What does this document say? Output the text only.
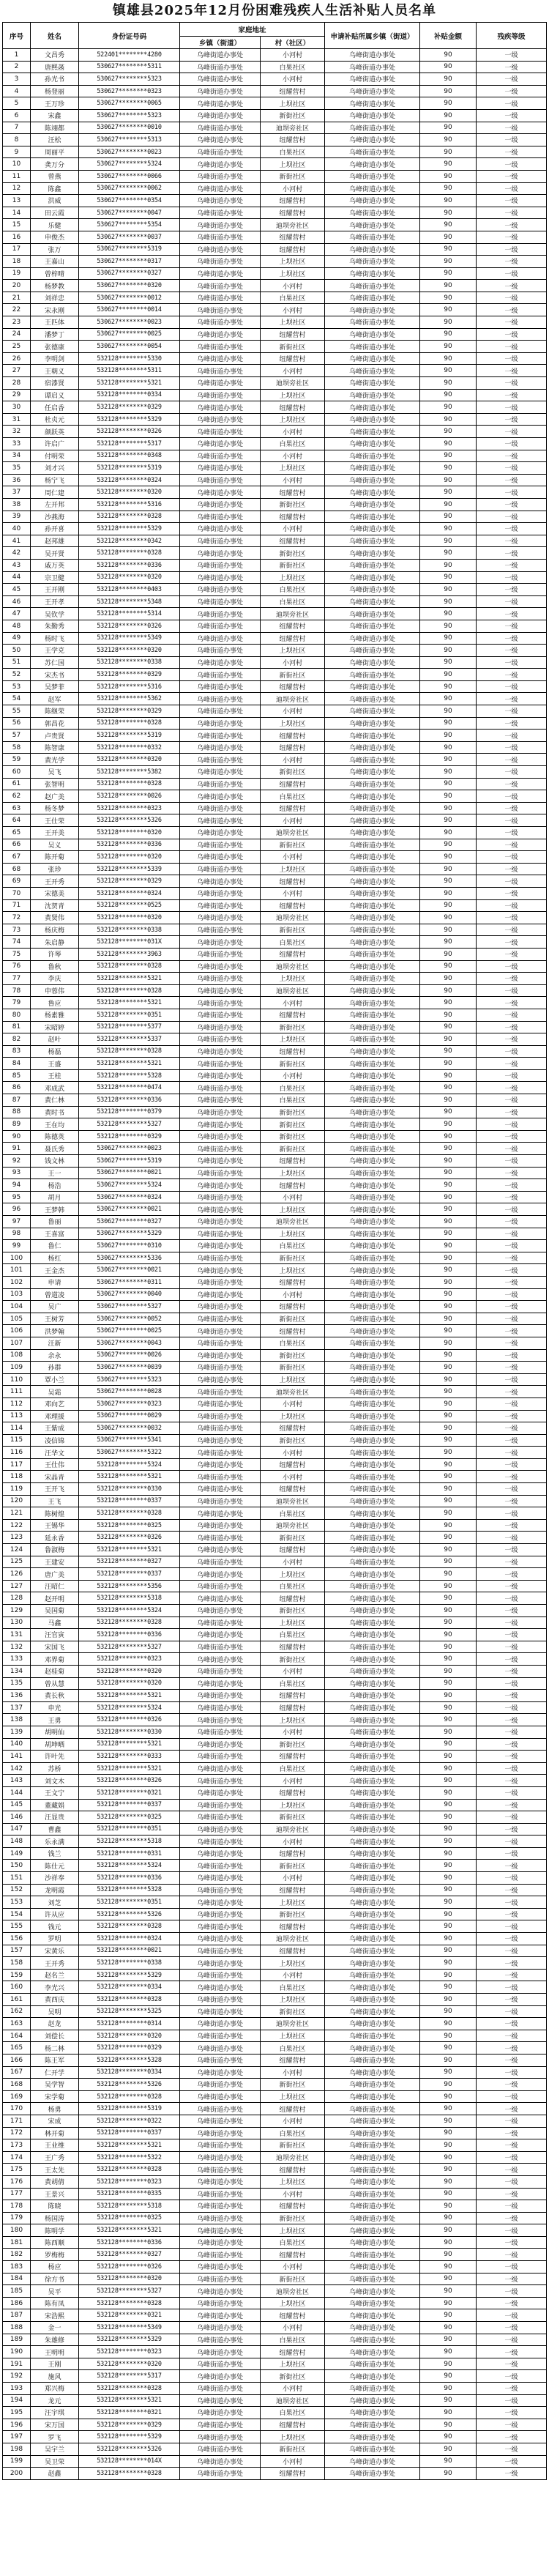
镇雄县2025年12月份困难残疾人生活补贴人员名单
序号	姓名	身份证号码	家庭地址		申请补贴所属乡镇（街道）	补贴金额	残疾等级
			乡镇（街道）	村（社区）			
1	文昌秀	522401********4280	乌峰街道办事处	小河村	乌峰街道办事处	90	一级
2	唐熙菡	530627********5311	乌峰街道办事处	白果社区	乌峰街道办事处	90	一级
3	孙光书	530627********5323	乌峰街道办事处	小河村	乌峰街道办事处	90	一级
4	杨登丽	530627********0323	乌峰街道办事处	纽耀营村	乌峰街道办事处	90	一级
5	王万珍	530627********0065	乌峰街道办事处	上坝社区	乌峰街道办事处	90	一级
6	宋鑫	530627********5323	乌峰街道办事处	新街社区	乌峰街道办事处	90	一级
7	陈翊都	530627********0010	乌峰街道办事处	迪坝旁社区	乌峰街道办事处	90	一级
8	汪松	530627********5313	乌峰街道办事处	纽耀营村	乌峰街道办事处	90	一级
9	周丽平	530627********0023	乌峰街道办事处	白果社区	乌峰街道办事处	90	一级
10	龚万分	530627********5324	乌峰街道办事处	上坝社区	乌峰街道办事处	90	一级
11	曾燕	530627********0066	乌峰街道办事处	新街社区	乌峰街道办事处	90	一级
12	陈鑫	530627********0062	乌峰街道办事处	小河村	乌峰街道办事处	90	一级
13	洪威	530627********0354	乌峰街道办事处	纽耀营村	乌峰街道办事处	90	一级
14	田云霞	530627********0047	乌峰街道办事处	纽耀营村	乌峰街道办事处	90	一级
15	乐健	530627********5354	乌峰街道办事处	迪坝旁社区	乌峰街道办事处	90	一级
16	申俊杰	530627********0037	乌峰街道办事处	纽耀营村	乌峰街道办事处	90	一级
17	张万	530627********5319	乌峰街道办事处	纽耀营村	乌峰街道办事处	90	一级
18	王嘉山	530627********0317	乌峰街道办事处	上坝社区	乌峰街道办事处	90	一级
19	曾梓晴	530627********0327	乌峰街道办事处	上坝社区	乌峰街道办事处	90	一级
20	杨梦教	530627********0320	乌峰街道办事处	小河村	乌峰街道办事处	90	一级
21	刘祥忠	530627********0012	乌峰街道办事处	白果社区	乌峰街道办事处	90	一级
22	宋永刚	530627********0014	乌峰街道办事处	小河村	乌峰街道办事处	90	一级
23	王匹体	530627********0023	乌峰街道办事处	上坝社区	乌峰街道办事处	90	一级
24	潘梦丁	530627********0025	乌峰街道办事处	纽耀营村	乌峰街道办事处	90	一级
25	张德康	530627********0054	乌峰街道办事处	新街社区	乌峰街道办事处	90	一级
26	李明剑	532128********5330	乌峰街道办事处	纽耀营村	乌峰街道办事处	90	一级
27	王朝义	532128********5311	乌峰街道办事处	小河村	乌峰街道办事处	90	一级
28	宿漆贤	532128********5321	乌峰街道办事处	迪坝旁社区	乌峰街道办事处	90	一级
29	谭启义	532128********0334	乌峰街道办事处	上坝社区	乌峰街道办事处	90	一级
30	任启香	532128********0329	乌峰街道办事处	纽耀营村	乌峰街道办事处	90	一级
31	杜贞元	532128********5329	乌峰街道办事处	上坝社区	乌峰街道办事处	90	一级
32	颜跃英	532128********0326	乌峰街道办事处	小河村	乌峰街道办事处	90	一级
33	许启广	532128********5317	乌峰街道办事处	白果社区	乌峰街道办事处	90	一级
34	付明荣	532128********0348	乌峰街道办事处	小河村	乌峰街道办事处	90	一级
35	刘才兴	532128********5319	乌峰街道办事处	上坝社区	乌峰街道办事处	90	一级
36	杨宁飞	532128********0324	乌峰街道办事处	小河村	乌峰街道办事处	90	一级
37	周仁建	532128********0320	乌峰街道办事处	纽耀营村	乌峰街道办事处	90	一级
38	左开邦	532128********5316	乌峰街道办事处	新街社区	乌峰街道办事处	90	一级
39	沙燕海	532128********0328	乌峰街道办事处	纽耀营村	乌峰街道办事处	90	一级
40	孙开喜	532128********5329	乌峰街道办事处	小河村	乌峰街道办事处	90	一级
41	赵邦雄	532128********0342	乌峰街道办事处	纽耀营村	乌峰街道办事处	90	一级
42	吴开贤	532128********0328	乌峰街道办事处	新街社区	乌峰街道办事处	90	一级
43	戚万英	532128********0336	乌峰街道办事处	新街社区	乌峰街道办事处	90	一级
44	宗卫健	532128********0320	乌峰街道办事处	上坝社区	乌峰街道办事处	90	一级
45	王开刚	532128********0403	乌峰街道办事处	白果社区	乌峰街道办事处	90	一级
46	王开孝	532128********5348	乌峰街道办事处	白果社区	乌峰街道办事处	90	一级
47	吴钦学	532128********5314	乌峰街道办事处	迪坝旁社区	乌峰街道办事处	90	一级
48	朱勤秀	532128********0326	乌峰街道办事处	纽耀营村	乌峰街道办事处	90	一级
49	杨时飞	532128********5349	乌峰街道办事处	纽耀营村	乌峰街道办事处	90	一级
50	王学克	532128********0320	乌峰街道办事处	上坝社区	乌峰街道办事处	90	一级
51	苏仁国	532128********0338	乌峰街道办事处	小河村	乌峰街道办事处	90	一级
52	宋杰书	532128********0329	乌峰街道办事处	新街社区	乌峰街道办事处	90	一级
53	吴梦菲	532128********5316	乌峰街道办事处	纽耀营村	乌峰街道办事处	90	一级
54	赵军	532128********5362	乌峰街道办事处	迪坝旁社区	乌峰街道办事处	90	一级
55	陈继荣	532128********0329	乌峰街道办事处	小河村	乌峰街道办事处	90	一级
56	郭昌花	532128********0328	乌峰街道办事处	上坝社区	乌峰街道办事处	90	一级
57	卢贵贤	532128********5319	乌峰街道办事处	纽耀营村	乌峰街道办事处	90	一级
58	陈智康	532128********0332	乌峰街道办事处	纽耀营村	乌峰街道办事处	90	一级
59	黄光学	532128********0320	乌峰街道办事处	小河村	乌峰街道办事处	90	一级
60	吴飞	532128********5382	乌峰街道办事处	新街社区	乌峰街道办事处	90	一级
61	张智明	532128********0328	乌峰街道办事处	纽耀营村	乌峰街道办事处	90	一级
62	赵广美	532128********0026	乌峰街道办事处	白果社区	乌峰街道办事处	90	一级
63	杨冬梦	532128********0323	乌峰街道办事处	纽耀营村	乌峰街道办事处	90	一级
64	王仕荣	532128********5326	乌峰街道办事处	小河村	乌峰街道办事处	90	一级
65	王开美	532128********0320	乌峰街道办事处	迪坝旁社区	乌峰街道办事处	90	一级
66	吴义	532128********0336	乌峰街道办事处	新街社区	乌峰街道办事处	90	一级
67	陈开菊	532128********0320	乌峰街道办事处	小河村	乌峰街道办事处	90	一级
68	张珍	532128********5339	乌峰街道办事处	上坝社区	乌峰街道办事处	90	一级
69	王开秀	532128********0329	乌峰街道办事处	纽耀营村	乌峰街道办事处	90	一级
70	宋德美	532128********0324	乌峰街道办事处	小河村	乌峰街道办事处	90	一级
71	沈贺青	532128********0525	乌峰街道办事处	纽耀营村	乌峰街道办事处	90	一级
72	黄贤伟	532128********0320	乌峰街道办事处	迪坝旁社区	乌峰街道办事处	90	一级
73	杨庆梅	532128********0338	乌峰街道办事处	新街社区	乌峰街道办事处	90	一级
74	朱启静	532128********031X	乌峰街道办事处	白果社区	乌峰街道办事处	90	一级
75	许琴	532128********3963	乌峰街道办事处	纽耀营村	乌峰街道办事处	90	一级
76	鲁秋	532128********0328	乌峰街道办事处	迪坝旁社区	乌峰街道办事处	90	一级
77	李庆	532128********5321	乌峰街道办事处	上坝社区	乌峰街道办事处	90	一级
78	申蓉伟	532128********0328	乌峰街道办事处	迪坝旁社区	乌峰街道办事处	90	一级
79	鲁应	532128********5321	乌峰街道办事处	小河村	乌峰街道办事处	90	一级
80	杨素雅	532128********0351	乌峰街道办事处	纽耀营村	乌峰街道办事处	90	一级
81	宋昭婷	532128********5377	乌峰街道办事处	新街社区	乌峰街道办事处	90	一级
82	赵叶	532128********5337	乌峰街道办事处	上坝社区	乌峰街道办事处	90	一级
83	杨磊	532128********0328	乌峰街道办事处	纽耀营村	乌峰街道办事处	90	一级
84	王盛	532128********5321	乌峰街道办事处	新街社区	乌峰街道办事处	90	一级
85	王桂	532128********5328	乌峰街道办事处	小河村	乌峰街道办事处	90	一级
86	邓成武	532128********0474	乌峰街道办事处	白果社区	乌峰街道办事处	90	一级
87	黄仁林	532128********0336	乌峰街道办事处	白果社区	乌峰街道办事处	90	一级
88	黄时书	532128********0379	乌峰街道办事处	新街社区	乌峰街道办事处	90	一级
89	王在均	532128********5327	乌峰街道办事处	新街社区	乌峰街道办事处	90	一级
90	陈德英	532128********0329	乌峰街道办事处	新街社区	乌峰街道办事处	90	一级
91	聂氏秀	530627********0023	乌峰街道办事处	新街社区	乌峰街道办事处	90	一级
92	钱文林	530627********5319	乌峰街道办事处	纽耀营村	乌峰街道办事处	90	一级
93	王一	530627********0021	乌峰街道办事处	上坝社区	乌峰街道办事处	90	一级
94	杨浩	530627********5324	乌峰街道办事处	纽耀营村	乌峰街道办事处	90	一级
95	胡月	530627********0324	乌峰街道办事处	小河村	乌峰街道办事处	90	一级
96	王梦韩	530627********0021	乌峰街道办事处	上坝社区	乌峰街道办事处	90	一级
97	鲁丽	530627********0327	乌峰街道办事处	迪坝旁社区	乌峰街道办事处	90	一级
98	王喜富	530627********5329	乌峰街道办事处	上坝社区	乌峰街道办事处	90	一级
99	鲁仁	530627********0310	乌峰街道办事处	白果社区	乌峰街道办事处	90	一级
100	杨红	530627********5336	乌峰街道办事处	新街社区	乌峰街道办事处	90	一级
101	王金杰	530627********0021	乌峰街道办事处	上坝社区	乌峰街道办事处	90	一级
102	申请	530627********0311	乌峰街道办事处	纽耀营村	乌峰街道办事处	90	一级
103	曾道凌	530627********0040	乌峰街道办事处	小河村	乌峰街道办事处	90	一级
104	吴广	530627********5327	乌峰街道办事处	纽耀营村	乌峰街道办事处	90	一级
105	王树芳	530627********0052	乌峰街道办事处	新街社区	乌峰街道办事处	90	一级
106	洪梦翰	530627********0025	乌峰街道办事处	纽耀营村	乌峰街道办事处	90	一级
107	汪新	530627********0043	乌峰街道办事处	白果社区	乌峰街道办事处	90	一级
108	余永	530627********0026	乌峰街道办事处	新街社区	乌峰街道办事处	90	一级
109	孙群	530627********0039	乌峰街道办事处	新街社区	乌峰街道办事处	90	一级
110	覃小兰	530627********5323	乌峰街道办事处	上坝社区	乌峰街道办事处	90	一级
111	吴霜	530627********0028	乌峰街道办事处	迪坝旁社区	乌峰街道办事处	90	一级
112	邓向艺	530627********0323	乌峰街道办事处	小河村	乌峰街道办事处	90	一级
113	邓理援	530627********0029	乌峰街道办事处	上坝社区	乌峰街道办事处	90	一级
114	王紫成	530627********0032	乌峰街道办事处	纽耀营村	乌峰街道办事处	90	一级
115	凌信锦	530627********5341	乌峰街道办事处	新街社区	乌峰街道办事处	90	一级
116	汪华文	530627********5322	乌峰街道办事处	小河村	乌峰街道办事处	90	一级
117	王仕伟	532128********5324	乌峰街道办事处	纽耀营村	乌峰街道办事处	90	一级
118	宋晶青	532128********5321	乌峰街道办事处	小河村	乌峰街道办事处	90	一级
119	王开飞	532128********0330	乌峰街道办事处	纽耀营村	乌峰街道办事处	90	一级
120	王飞	532128********0337	乌峰街道办事处	迪坝旁社区	乌峰街道办事处	90	一级
121	陈树煌	532128********0328	乌峰街道办事处	白果社区	乌峰街道办事处	90	一级
122	王锡华	532128********0325	乌峰街道办事处	迪坝旁社区	乌峰街道办事处	90	一级
123	延永香	532128********0326	乌峰街道办事处	新街社区	乌峰街道办事处	90	一级
124	鲁淑梅	532128********5321	乌峰街道办事处	纽耀营村	乌峰街道办事处	90	一级
125	王建安	532128********0327	乌峰街道办事处	小河村	乌峰街道办事处	90	一级
126	唐广美	532128********0337	乌峰街道办事处	上坝社区	乌峰街道办事处	90	一级
127	汪昭仁	532128********5356	乌峰街道办事处	白果社区	乌峰街道办事处	90	一级
128	赵开明	532128********5318	乌峰街道办事处	纽耀营村	乌峰街道办事处	90	一级
129	吴国菊	532128********5324	乌峰街道办事处	新街社区	乌峰街道办事处	90	一级
130	马鑫	532128********0328	乌峰街道办事处	上坝社区	乌峰街道办事处	90	一级
131	汪官寅	532128********0336	乌峰街道办事处	白果社区	乌峰街道办事处	90	一级
132	宋国飞	532128********5327	乌峰街道办事处	纽耀营村	乌峰街道办事处	90	一级
133	邓界菊	532128********0323	乌峰街道办事处	新街社区	乌峰街道办事处	90	一级
134	赵桂菊	532128********0320	乌峰街道办事处	小河村	乌峰街道办事处	90	一级
135	曾从慧	532128********0320	乌峰街道办事处	白果社区	乌峰街道办事处	90	一级
136	黄长秋	532128********5321	乌峰街道办事处	纽耀营村	乌峰街道办事处	90	一级
137	申光	532128********5324	乌峰街道办事处	纽耀营村	乌峰街道办事处	90	一级
138	王勇	532128********0326	乌峰街道办事处	上坝社区	乌峰街道办事处	90	一级
139	胡明仙	532128********0330	乌峰街道办事处	小河村	乌峰街道办事处	90	一级
140	胡坤晒	532128********5321	乌峰街道办事处	新街社区	乌峰街道办事处	90	一级
141	许叶先	532128********0333	乌峰街道办事处	纽耀营村	乌峰街道办事处	90	一级
142	苏桥	532128********5321	乌峰街道办事处	白果社区	乌峰街道办事处	90	一级
143	刘文木	532128********0326	乌峰街道办事处	小河村	乌峰街道办事处	90	一级
144	王文宁	532128********0321	乌峰街道办事处	纽耀营村	乌峰街道办事处	90	一级
145	董藏娟	532128********0337	乌峰街道办事处	上坝社区	乌峰街道办事处	90	一级
146	汪显贵	532128********0325	乌峰街道办事处	新街社区	乌峰街道办事处	90	一级
147	曹鑫	532128********0351	乌峰街道办事处	迪坝旁社区	乌峰街道办事处	90	一级
148	乐永满	532128********5318	乌峰街道办事处	小河村	乌峰街道办事处	90	一级
149	钱兰	532128********0331	乌峰街道办事处	纽耀营村	乌峰街道办事处	90	一级
150	陈仕元	532128********5324	乌峰街道办事处	新街社区	乌峰街道办事处	90	一级
151	沙祥奉	532128********0336	乌峰街道办事处	小河村	乌峰街道办事处	90	一级
152	龙明霞	532128********5328	乌峰街道办事处	纽耀营村	乌峰街道办事处	90	一级
153	刘芝	532128********0351	乌峰街道办事处	上坝社区	乌峰街道办事处	90	一级
154	许从应	532128********5326	乌峰街道办事处	新街社区	乌峰街道办事处	90	一级
155	钱元	532128********0328	乌峰街道办事处	纽耀营村	乌峰街道办事处	90	一级
156	罗明	532128********0324	乌峰街道办事处	迪坝旁社区	乌峰街道办事处	90	一级
157	宋黄乐	532128********0021	乌峰街道办事处	纽耀营村	乌峰街道办事处	90	一级
158	王开秀	532128********0338	乌峰街道办事处	上坝社区	乌峰街道办事处	90	一级
159	赵名兰	532128********5329	乌峰街道办事处	小河村	乌峰街道办事处	90	一级
160	李光兴	532128********0334	乌峰街道办事处	白果社区	乌峰街道办事处	90	一级
161	黄西庆	532128********0328	乌峰街道办事处	上坝社区	乌峰街道办事处	90	一级
162	吴明	532128********5325	乌峰街道办事处	新街社区	乌峰街道办事处	90	一级
163	赵龙	532128********0314	乌峰街道办事处	迪坝旁社区	乌峰街道办事处	90	一级
164	刘偿长	532128********0320	乌峰街道办事处	上坝社区	乌峰街道办事处	90	一级
165	杨二林	532128********0329	乌峰街道办事处	白果社区	乌峰街道办事处	90	一级
166	陈王军	532128********5328	乌峰街道办事处	纽耀营村	乌峰街道办事处	90	一级
167	仁开学	532128********0334	乌峰街道办事处	小河村	乌峰街道办事处	90	一级
168	吴学智	532128********5326	乌峰街道办事处	新街社区	乌峰街道办事处	90	一级
169	宋学菊	532128********0328	乌峰街道办事处	上坝社区	乌峰街道办事处	90	一级
170	杨勇	532128********5319	乌峰街道办事处	纽耀营村	乌峰街道办事处	90	一级
171	宋成	532128********0322	乌峰街道办事处	小河村	乌峰街道办事处	90	一级
172	林开菊	532128********0337	乌峰街道办事处	白果社区	乌峰街道办事处	90	一级
173	王业维	532128********5321	乌峰街道办事处	新街社区	乌峰街道办事处	90	一级
174	王广秀	532128********5322	乌峰街道办事处	迪坝旁社区	乌峰街道办事处	90	一级
175	王太先	532128********0328	乌峰街道办事处	纽耀营村	乌峰街道办事处	90	一级
176	黄胡倩	532128********0323	乌峰街道办事处	上坝社区	乌峰街道办事处	90	一级
177	王景兴	532128********0335	乌峰街道办事处	小河村	乌峰街道办事处	90	一级
178	陈晓	532128********5318	乌峰街道办事处	纽耀营村	乌峰街道办事处	90	一级
179	杨国涛	532128********0325	乌峰街道办事处	新街社区	乌峰街道办事处	90	一级
180	陈明学	532128********5321	乌峰街道办事处	上坝社区	乌峰街道办事处	90	一级
181	陈西顺	532128********0336	乌峰街道办事处	白果社区	乌峰街道办事处	90	一级
182	罗梅梅	532128********0327	乌峰街道办事处	纽耀营村	乌峰街道办事处	90	一级
183	杨应	532128********0326	乌峰街道办事处	小河村	乌峰街道办事处	90	一级
184	徐方书	532128********0320	乌峰街道办事处	新街社区	乌峰街道办事处	90	一级
185	吴平	532128********5327	乌峰街道办事处	迪坝旁社区	乌峰街道办事处	90	一级
186	陈有凤	532128********0328	乌峰街道办事处	上坝社区	乌峰街道办事处	90	一级
187	宋浩熙	532128********0321	乌峰街道办事处	纽耀营村	乌峰街道办事处	90	一级
188	金一	532128********5349	乌峰街道办事处	小河村	乌峰街道办事处	90	一级
189	朱雄修	532128********5329	乌峰街道办事处	白果社区	乌峰街道办事处	90	一级
190	王明明	532128********0323	乌峰街道办事处	纽耀营村	乌峰街道办事处	90	一级
191	王刚	532128********0320	乌峰街道办事处	上坝社区	乌峰街道办事处	90	一级
192	施风	532128********5317	乌峰街道办事处	新街社区	乌峰街道办事处	90	一级
193	郑兴梅	532128********0328	乌峰街道办事处	小河村	乌峰街道办事处	90	一级
194	龙元	532128********5321	乌峰街道办事处	迪坝旁社区	乌峰街道办事处	90	一级
195	汪宇琪	532128********0321	乌峰街道办事处	白果社区	乌峰街道办事处	90	一级
196	宋万国	532128********0329	乌峰街道办事处	纽耀营村	乌峰街道办事处	90	一级
197	罗飞	532128********5329	乌峰街道办事处	上坝社区	乌峰街道办事处	90	一级
198	吴宇兰	532128********5326	乌峰街道办事处	新街社区	乌峰街道办事处	90	一级
199	吴卫荣	532128********014X	乌峰街道办事处	小河村	乌峰街道办事处	90	一级
200	赵鑫	532128********0328	乌峰街道办事处	纽耀营村	乌峰街道办事处	90	一级
